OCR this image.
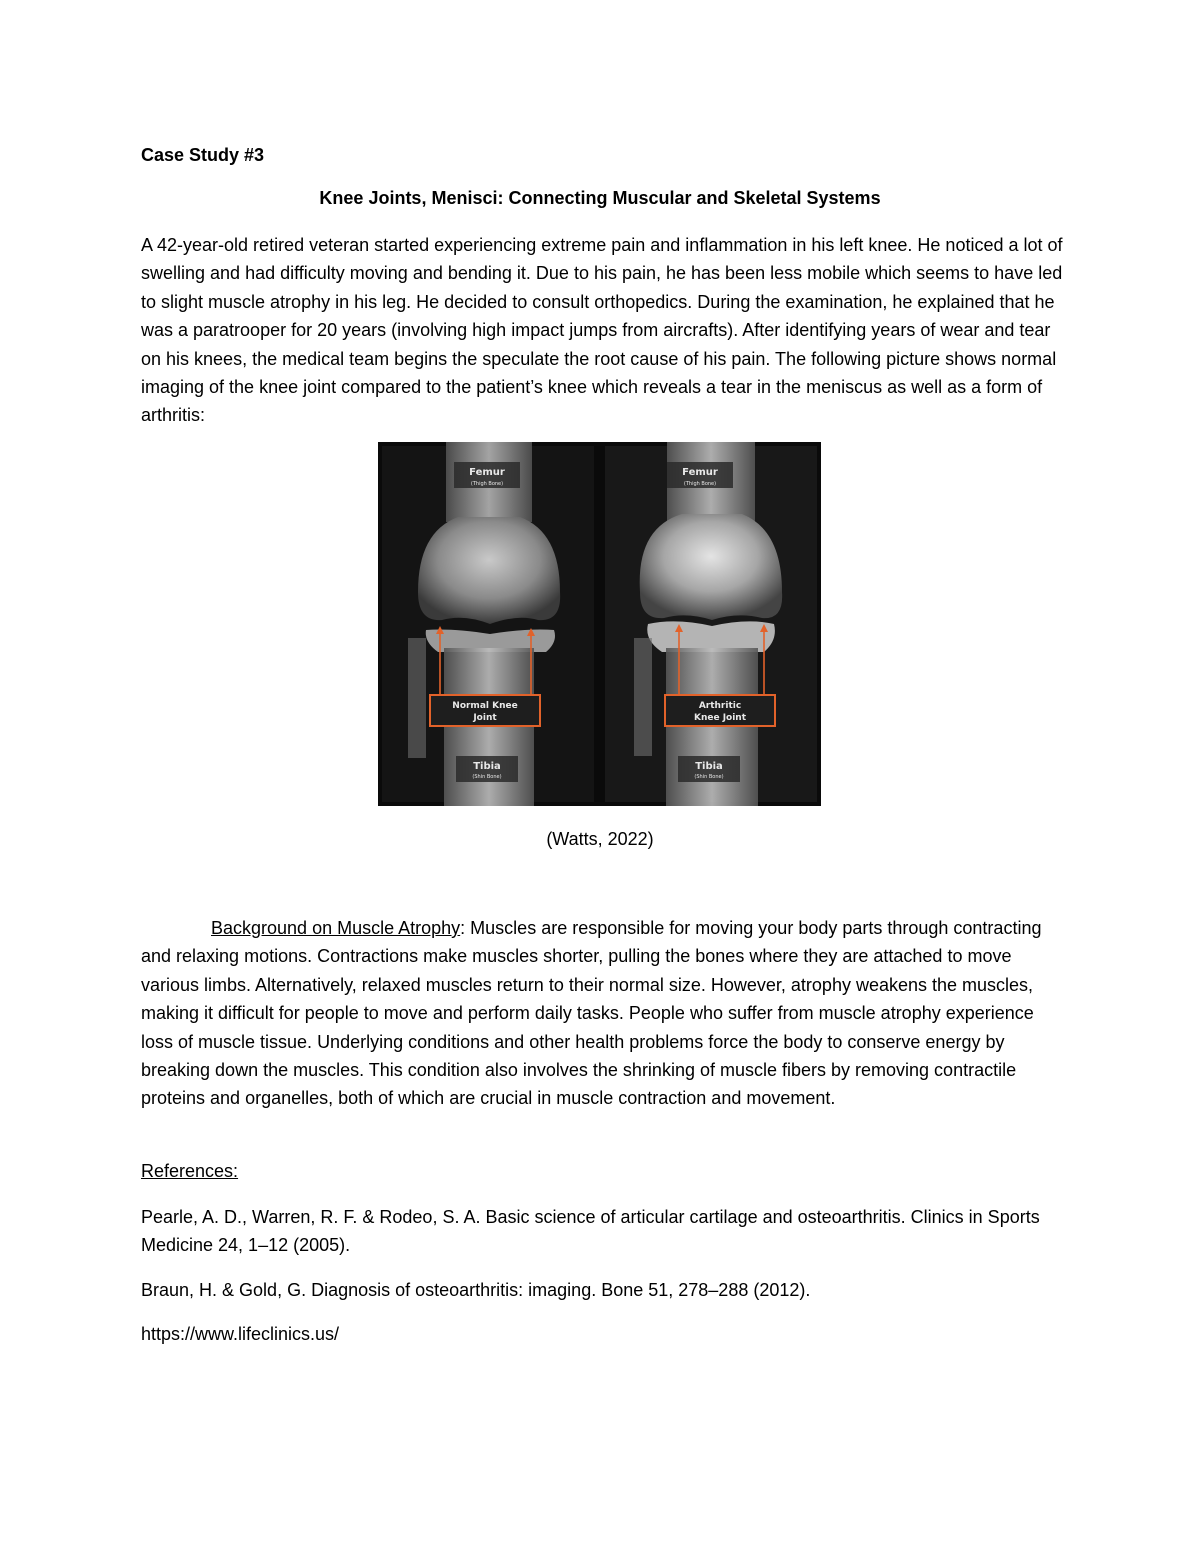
Case Study #3
Knee Joints, Menisci: Connecting Muscular and Skeletal Systems

A 42-year-old retired veteran started experiencing extreme pain and inflammation in his left knee. He noticed a lot of swelling and had difficulty moving and bending it. Due to his pain, he has been less mobile which seems to have led to slight muscle atrophy in his leg. He decided to consult orthopedics. During the examination, he explained that he was a paratrooper for 20 years (involving high impact jumps from aircrafts). After identifying years of wear and tear on his knees, the medical team begins the speculate the root cause of his pain. The following picture shows normal imaging of the knee joint compared to the patient’s knee which reveals a tear in the meniscus as well as a form of arthritis:

Femur
(Thigh Bone)
Normal Knee
Joint
Tibia
(Shin Bone)
Femur
(Thigh Bone)
Arthritic
Knee Joint
Tibia
(Shin Bone)
(Watts, 2022)

Background on Muscle Atrophy: Muscles are responsible for moving your body parts through contracting and relaxing motions. Contractions make muscles shorter, pulling the bones where they are attached to move various limbs. Alternatively, relaxed muscles return to their normal size. However, atrophy weakens the muscles, making it difficult for people to move and perform daily tasks. People who suffer from muscle atrophy experience loss of muscle tissue. Underlying conditions and other health problems force the body to conserve energy by breaking down the muscles. This condition also involves the shrinking of muscle fibers by removing contractile proteins and organelles, both of which are crucial in muscle contraction and movement.

References:

Pearle, A. D., Warren, R. F. & Rodeo, S. A. Basic science of articular cartilage and osteoarthritis. Clinics in Sports Medicine 24, 1–12 (2005).

Braun, H. & Gold, G. Diagnosis of osteoarthritis: imaging. Bone 51, 278–288 (2012).

https://www.lifeclinics.us/
